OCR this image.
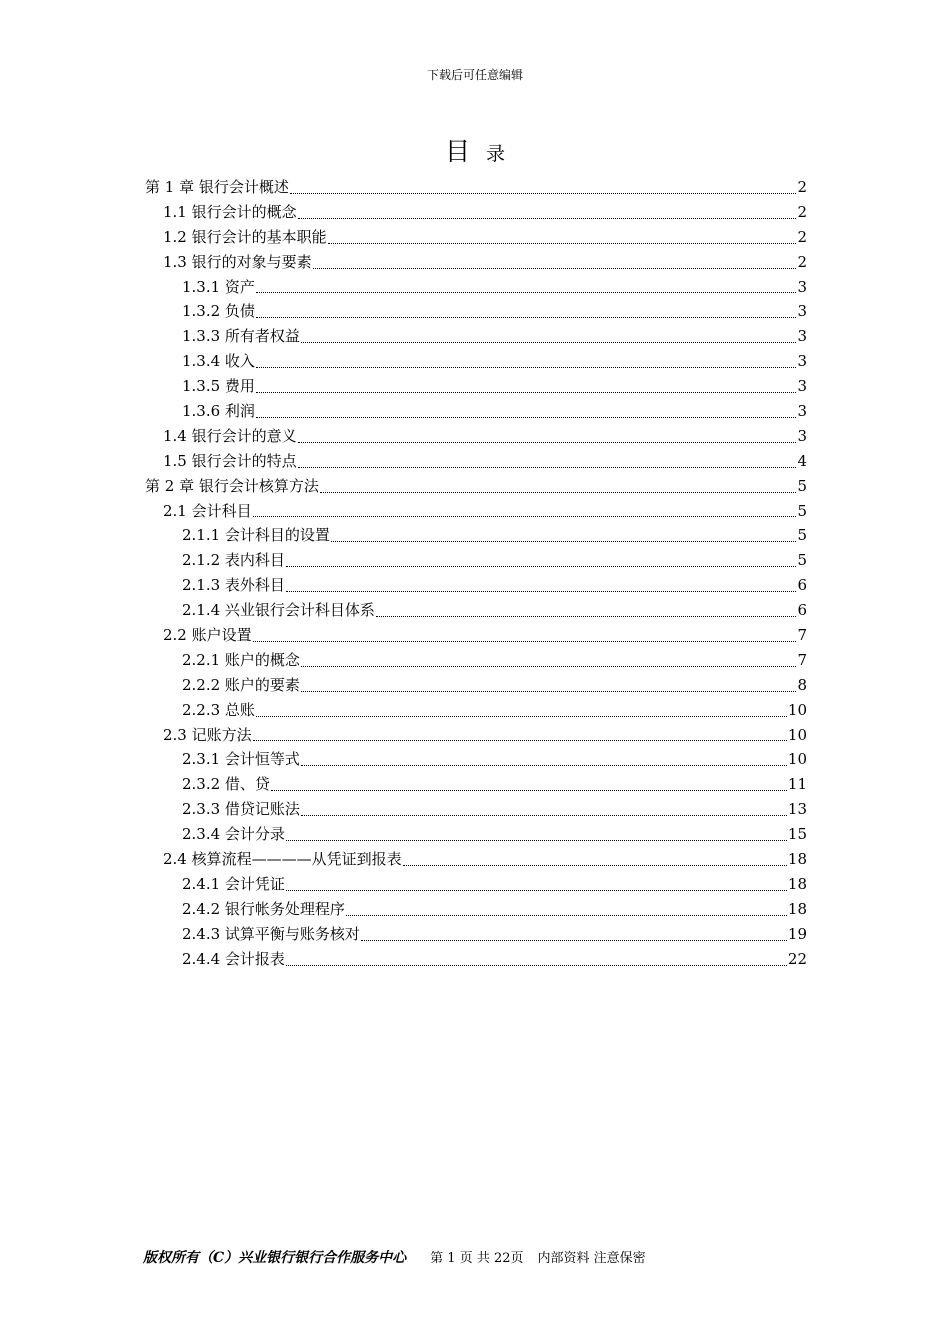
下载后可任意编辑
目 录
第 1 章 银行会计概述	2
1.1 银行会计的概念	2
1.2 银行会计的基本职能	2
1.3 银行的对象与要素	2
1.3.1 资产	3
1.3.2 负债	3
1.3.3 所有者权益	3
1.3.4 收入	3
1.3.5 费用	3
1.3.6 利润	3
1.4 银行会计的意义	3
1.5 银行会计的特点	4
第 2 章 银行会计核算方法	5
2.1 会计科目	5
2.1.1 会计科目的设置	5
2.1.2 表内科目	5
2.1.3 表外科目	6
2.1.4 兴业银行会计科目体系	6
2.2 账户设置	7
2.2.1 账户的概念	7
2.2.2 账户的要素	8
2.2.3 总账	10
2.3 记账方法	10
2.3.1 会计恒等式	10
2.3.2 借、贷	11
2.3.3 借贷记账法	13
2.3.4 会计分录	15
2.4 核算流程————从凭证到报表	18
2.4.1 会计凭证	18
2.4.2 银行帐务处理程序	18
2.4.3 试算平衡与账务核对	19
2.4.4 会计报表	22
版权所有（C）兴业银行银行合作服务中心 第 1 页 共 22页 内部资料 注意保密
